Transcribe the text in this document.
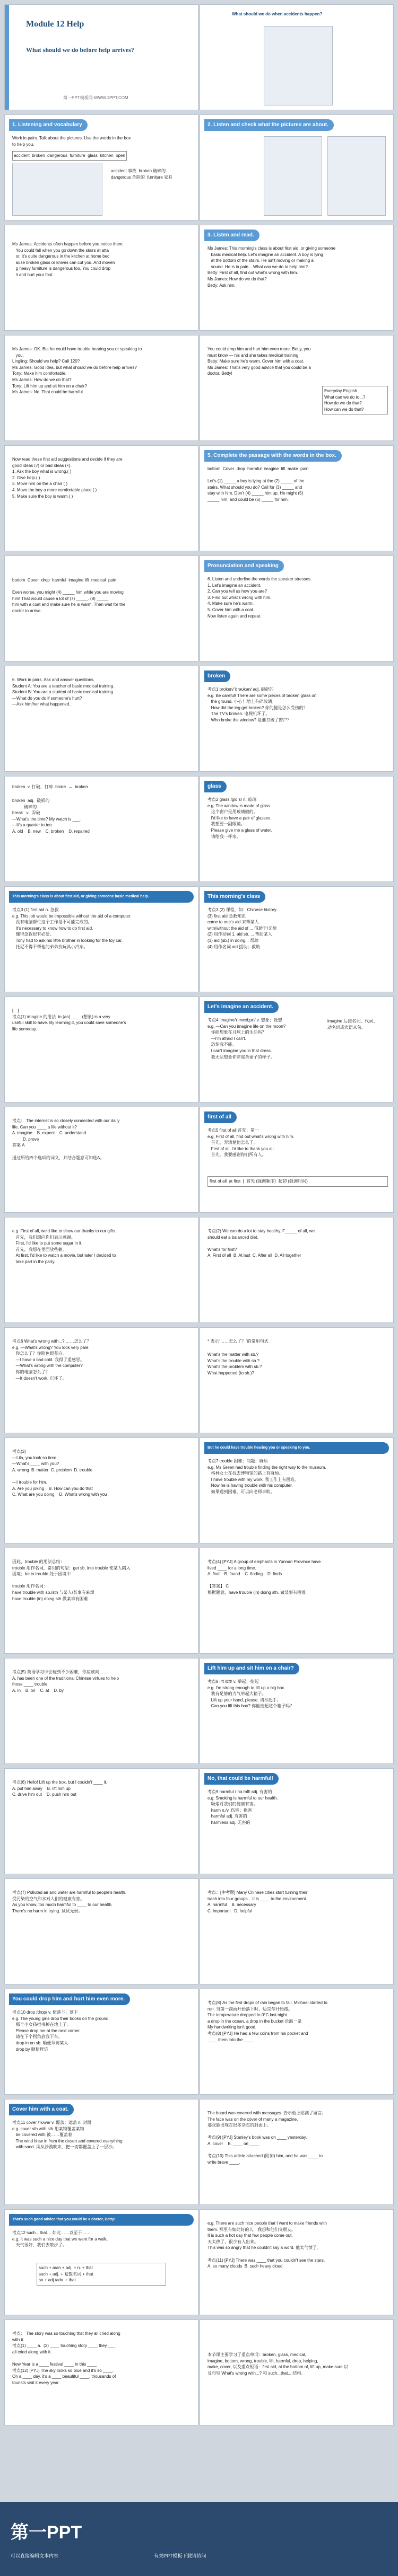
Module 12 Help
What should we do before help arrives?
第一PPT模板网-WWW.1PPT.COM
What should we do when accidents happen?
1. Listening and vocabulary
Work in pairs. Talk about the pictures. Use the words in the box
to help you.
accident  broken  dangerous  furniture  glass  kitchen  open
accident 事故  broken 破碎的
dangerous 危险的  furniture 家具
2. Listen and check what the pictures are about.
Ms James: Accidents often happen before you notice them.
You could fall when you go down the stairs at atta
or. It's quite dangerous in the kitchen at home bec
ause broken glass or knives can cut you. And moven
g heavy furniture is dangerous too. You could drop
it and hurt your foot.
3. Listen and read.
Ms James: This morning's class is about first aid, or giving someone
basic medical help. Let's imagine an accident. A boy is lying
at the bottom of the stairs. He isn't moving or making a
sound. He is in pain... What can we do to help him?
Betty: First of all, find out what's wrong with him.
Ms James: How do we do that?
Betty: Ask him.
Ms James: OK. But he could have trouble hearing you or speaking to
you.
Lingling: Should we help? Call 120?
Ms James: Good idea, but what should we do before help arrives?
Tony: Make him comfortable.
Ms James: How do we do that?
Tony: Lift him up and sit him on a chair?
Ms James: No. That could be harmful.
You could drop him and hurt him even more. Betty, you
must know — his and she takes medical training.
Betty: Make sure he's warm. Cover him with a coat.
Ms James: That's very good advice that you could be a
doctor, Betty!
Everyday English
What can we do to...?
How do we do that?
How can we do that?
Now read these first aid suggestions and decide if they are
good ideas (√) or bad ideas (×).
1. Ask the boy what is wrong.( )
2. Give help.( )
3. Move him on the a chair ( )
4. Move the boy a more comfortable place.( )
5. Make sure the boy is warm.( )
5. Complete the passage with the words in the box.
bottom  Cover  drop  harmful  imagine  lift  make  pain

Let's (1) _____ a boy is lying at the (2) _____ of the
stairs. What should you do? Call for (3) _____ and
stay with him. Don't (4) _____ him up. He might (5)
_____ him, and could be (6) _____ for him.
bottom  Cover  drop  harmful  imagine lift  medical  pain

Even worse, you might (4) _____ him while you are moving
him! That would cause a lot of (7) _____. (8) _____
him with a coat and make sure he is warm. Then wait for the
doctor to arrive.
Pronunciation and speaking
6. Listen and underline the words the speaker stresses.
1. Let's imagine an accident.
2. Can you tell us how you are?
3. Find out what's wrong with him.
4. Make sure he's warm.
5. Cover him with a coat.
Now listen again and repeat.
6. Work in pairs. Ask and answer questions.
Student A: You are a teacher of basic medical training.
Student B: You are a student of basic medical training.
—What do you do if someone's hurt?
—Ask him/her what happened...
broken
考点1 broken/ˈbrəʊkən/ adj. 破碎的
e.g. Be careful! There are some pieces of broken glass on
the ground. 小心！地上有碎玻璃。
How did the leg get broken? 你的腿是怎么受伤的？
The TV's broken. 电视机坏了。
Who broke the window? 是谁打破了窗户？
broken  v. 打破，打碎  broke  →  broken
broken  adj.  破损的
破碎的
break   v.  弄破
—What's the time? My watch is ___.
—It's a quarter to ten.
A. old    B. new    C. broken    D. repaired
glass
考点2 glass /ɡlɑːs/ n. 玻璃
e.g. The window is made of glass.
这个窗户是用玻璃做的。
I'd like to have a pair of glasses.
我想要一副眼镜。
Please give me a glass of water.
请给我一杯水。
This morning's class is about first aid, or giving someone basic medical help.
考点3 (1) first aid n. 急救
e.g. This job would be impossible without the aid of a computer.
没有电脑帮忙这个工作是不可能完成的。
It's necessary to know how to do first aid.
懂得急救很有必要。
Tony had to ask his little brother in looking for the toy car.
托尼不得不帮他的弟弟找玩具小汽车。
This morning's class
考点3 (2) 课程，如：Chinese history.
(3) first aid 急救知识
come to one's aid 来帮某人
with/without the aid of ... 借助于/无须
(2) 用作动词 1. aid sb. ... 帮助某人
(3) aid (sb.) in doing... 帮助
(4) 用作名词 aid 援助；救助
[一]
考点(1) imagine 的用法  in (an) ____ (想象) is a very
useful skill to have. By learning it, you could save someone's
life someday.
Let's imagine an accident.
考点4 imagine/ɪˈmædʒɪn/ v. 想象；设想
e.g. —Can you imagine life on the moon?
你能想象在月球上的生活吗？
—I'm afraid I can't.
恐怕我不能。
I can't imagine you in that dress.
我无法想象你穿那条裙子的样子。
imagine 后接名词、代词、
动名词或宾语从句。
考点： The internet is so closely connected with our daily
life. Can you ____ a life without it?
A. imagine    B. expect    C. understand
D. prove
答案 A

通过所给四个选项的词义，并结合题意可知选A。
first of all
考点5 first of all 首先；第一
e.g. First of all, find out what's wrong with him.
首先，弄清楚他怎么了。
First of all, I'd like to thank you all.
首先，我要感谢你们所有人。
first of all  at first  |  首先 (强调顺序)  起初 (强调时间)
e.g. First of all, we'd like to show our thanks to our gifts.
首先，我们想向你们表示感谢。
First, I'd like to put some sugar in it.
首先，我想在里面放些糖。
At first, I'd like to watch a movie, but later I decided to
take part in the party.
考点(2) We can do a lot to stay healthy. F_____ of all, we
should eat a balanced diet.

What's for first?
A. First of all  B. At last  C. After all  D. All together
考点6 What's wrong with...? ……怎么了？
e.g. —What's wrong? You look very pale.
你怎么了？你脸色很苍白。
—I have a bad cold. 我得了重感冒。
—What's wrong with the computer?
你的电脑怎么了？
—It doesn't work. 它坏了。
* 表示“……怎么了？”的常用句式
What's the matter with sb.?
What's the trouble with sb.?
What's the problem with sb.?
What happened (to sb.)?
考点(3)
—Lila, you look so tired.
—What's ____ with you?
A. wrong  B. matter  C. problem  D. trouble

—I trouble for him.
A. Are you joking    B. How can you do that
C. What are you doing    D. What's wrong with you
But he could have trouble hearing you or speaking to you.
考点7 trouble 困难；问题；麻烦
e.g. Ms Green had trouble finding the right way to the museum.
格林女士在找去博物馆的路上有麻烦。
I have trouble with my work. 我工作上有困难。
Now he is having trouble with his computer.
如果遇到困难，可以向老师求助。
因此，trouble 的用法总结：
trouble 用作名词，常用的句型：get sb. into trouble 使某人陷入
困境；be in trouble 处于困境中

trouble 用作名词：
have trouble with sb./sth 与某人/某事有麻烦
have trouble (in) doing sth 做某事有困难
考点(4) [PYJ] A group of elephants in Yunnan Province have
lived ____ for a long time.
A. find    B. found    C. finding    D. finds

【答案】 C
根据题意，have trouble (in) doing sth. 做某事有困难
考点(5) 英语学习中会碰到不少困难，你应该向……
A. has been one of the traditional Chinese virtues to help
those ____ trouble.
A. in    B. on    C. at    D. by
Lift him up and sit him on a chair?
考点8 lift /lɪft/ v. 举起；抬起
e.g. I'm strong enough to lift up a big box.
我有足够的力气举起大箱子。
Lift up your hand, please. 请举起手。
Can you lift this box? 你能抬起这个箱子吗？
考点(6) Hello! Lift up the box, but I couldn't ____ it.
A. put him away    B. lift him up
C. drive him out    D. push him out
No, that could be harmful!
考点9 harmful /ˈhɑːmfl/ adj. 有害的
e.g. Smoking is harmful to our health.
吸烟对我们的健康有害。
harm n./v. 伤害；损害
harmful adj. 有害的
harmless adj. 无害的
考点(7) Polluted air and water are harmful to people's health.
受污染的空气和水对人们的健康有害。
As you know, too much harmful to ____ to our health.
There's no harm in trying. 试试无妨。
考点：[中考题] Many Chinese cities start turning their
trash into four groups... It is ____ to the environment.
A. harmful    B. necessary
C. important   D. helpful
You could drop him and hurt him even more.
考点10 drop /drɒp/ v. 使落下；落下
e.g. The young girls drop their books on the ground.
那个小女孩把书掉在地上了。
Please drop me at the next corner.
请在下个拐角放我下车。
drop in on sb. 顺便拜访某人
drop by 顺便拜访
考点(8) As the first drops of rain began to fall, Michael started to
run. 当第一滴雨开始落下时，迈克尔开始跑。
The temperature dropped to 0°C last night.
a drop in the ocean, a drop in the bucket 沧海一粟
My handwriting isn't good.
考点(8) [PYJ] He had a few coins from his pocket and
____ them into the ____.
Cover him with a coat.
考点11 cover /ˈkʌvə/ v. 覆盖；遮盖 n. 封面
e.g. cover sth with sth 用某物覆盖某物
be covered with 被……覆盖着
The wind blew in from the desert and covered everything
with sand. 风从沙漠吹来，把一切都覆盖上了一层沙。
The board was covered with messages. 告示板上贴满了留言。
The face was on the cover of many a magazine.
那张脸出现在很多杂志的封面上。

考点(9) [PYJ] Stanley's book was on ____ yesterday.
A. cover    B. ____ on ____

考点(10) This article attached (附加) him, and he was ____ to
write brave ____.
That's such good advice that you could be a doctor, Betty!
考点12 such…that… 如此……以至于……
e.g. It was such a nice day that we went for a walk.
天气很好，我们去散步了。
such + a/an + adj. + n. + that
such + adj. + 复数名词 + that
so + adj./adv. + that
e.g. There are such nice people that I want to make friends with
them. 那里有如此好的人，我想和他们交朋友。
It is such a hot day that few people come out.
天太热了，很少有人出来。
This was so angry that he couldn't say a word. 他太气愤了。

考点(11) [PYJ] There was ____ that you couldn't see the stars.
A. so many clouds  B. such heavy cloud
考点： The story was so touching that they all cried along
with it.
考点(1) ____ a.  (2) ____ touching story ____ they ___
all cried along with it.

New Year is a ____ festival ____ in this ____
考点(12) [PYJ] The sky looks so blue and it's so ____.
On a ____ day, it's a ____ beautiful ____. thousands of
tourists visit it every year.
本节课主要学习了重点单词：broken, glass, medical,
imagine, bottom, wrong, trouble, lift, harmful, drop, helping,
make, cover, 以及重点短语：first aid, at the bottom of, lift up, make sure 以
及句型 What's wrong with...? 和 such...that... 结构。
第一PPT
可以直接编辑文本内容	有关PPT模板下载请访问
